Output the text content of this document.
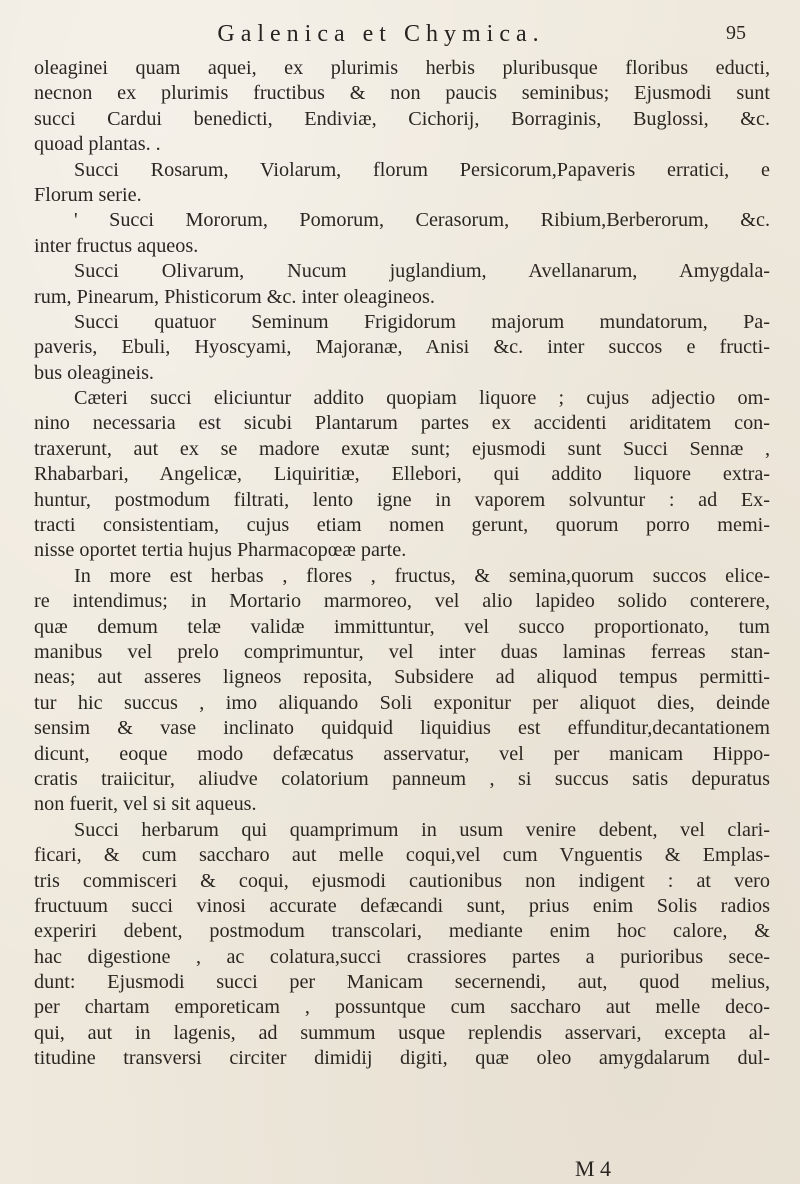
Galenica et Chymica.	95
oleaginei quam aquei, ex plurimis herbis pluribusque floribus educti,
necnon ex plurimis fructibus & non paucis seminibus; Ejusmodi sunt
succi Cardui benedicti, Endiviæ, Cichorij, Borraginis, Buglossi, &c.
quoad plantas. .
Succi Rosarum, Violarum, florum Persicorum,Papaveris erratici, e
Florum serie.
' Succi Mororum, Pomorum, Cerasorum, Ribium,Berberorum, &c.
inter fructus aqueos.
Succi Olivarum, Nucum juglandium, Avellanarum, Amygdala-
rum, Pinearum, Phisticorum &c. inter oleagineos.
Succi quatuor Seminum Frigidorum majorum mundatorum, Pa-
paveris, Ebuli, Hyoscyami, Majoranæ, Anisi &c. inter succos e fructi-
bus oleagineis.
Cæteri succi eliciuntur addito quopiam liquore ; cujus adjectio om-
nino necessaria est sicubi Plantarum partes ex accidenti ariditatem con-
traxerunt, aut ex se madore exutæ sunt; ejusmodi sunt Succi Sennæ ,
Rhabarbari, Angelicæ, Liquiritiæ, Ellebori, qui addito liquore extra-
huntur, postmodum filtrati, lento igne in vaporem solvuntur : ad Ex-
tracti consistentiam, cujus etiam nomen gerunt, quorum porro memi-
nisse oportet tertia hujus Pharmacopœæ parte.
In more est herbas , flores , fructus, & semina,quorum succos elice-
re intendimus; in Mortario marmoreo, vel alio lapideo solido conterere,
quæ demum telæ validæ immittuntur, vel succo proportionato, tum
manibus vel prelo comprimuntur, vel inter duas laminas ferreas stan-
neas; aut asseres ligneos reposita, Subsidere ad aliquod tempus permitti-
tur hic succus , imo aliquando Soli exponitur per aliquot dies, deinde
sensim & vase inclinato quidquid liquidius est effunditur,decantationem
dicunt, eoque modo defæcatus asservatur, vel per manicam Hippo-
cratis traiicitur, aliudve colatorium panneum , si succus satis depuratus
non fuerit, vel si sit aqueus.
Succi herbarum qui quamprimum in usum venire debent, vel clari-
ficari, & cum saccharo aut melle coqui,vel cum Vnguentis & Emplas-
tris commisceri & coqui, ejusmodi cautionibus non indigent : at vero
fructuum succi vinosi accurate defæcandi sunt, prius enim Solis radios
experiri debent, postmodum transcolari, mediante enim hoc calore, &
hac digestione , ac colatura,succi crassiores partes a purioribus sece-
dunt: Ejusmodi succi per Manicam secernendi, aut, quod melius,
per chartam emporeticam , possuntque cum saccharo aut melle deco-
qui, aut in lagenis, ad summum usque replendis asservari, excepta al-
titudine transversi circiter dimidij digiti, quæ oleo amygdalarum dul-
M 4
